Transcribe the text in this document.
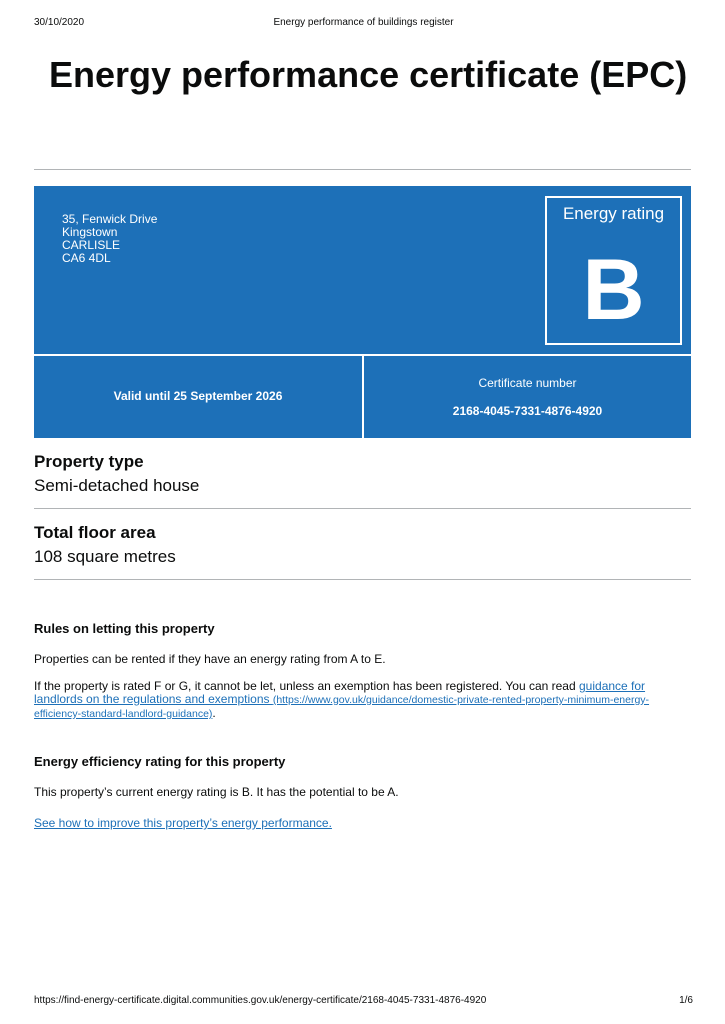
30/10/2020	Energy performance of buildings register
Energy performance certificate (EPC)
35, Fenwick Drive
Kingstown
CARLISLE
CA6 4DL
Energy rating
B
Valid until 25 September 2026
Certificate number
2168-4045-7331-4876-4920
Property type
Semi-detached house
Total floor area
108 square metres
Rules on letting this property

Properties can be rented if they have an energy rating from A to E.

If the property is rated F or G, it cannot be let, unless an exemption has been registered. You can read guidance for landlords on the regulations and exemptions (https://www.gov.uk/guidance/domestic-private-rented-property-minimum-energy-efficiency-standard-landlord-guidance).

Energy efficiency rating for this property

This property’s current energy rating is B. It has the potential to be A.

See how to improve this property’s energy performance.

https://find-energy-certificate.digital.communities.gov.uk/energy-certificate/2168-4045-7331-4876-4920	1/6
